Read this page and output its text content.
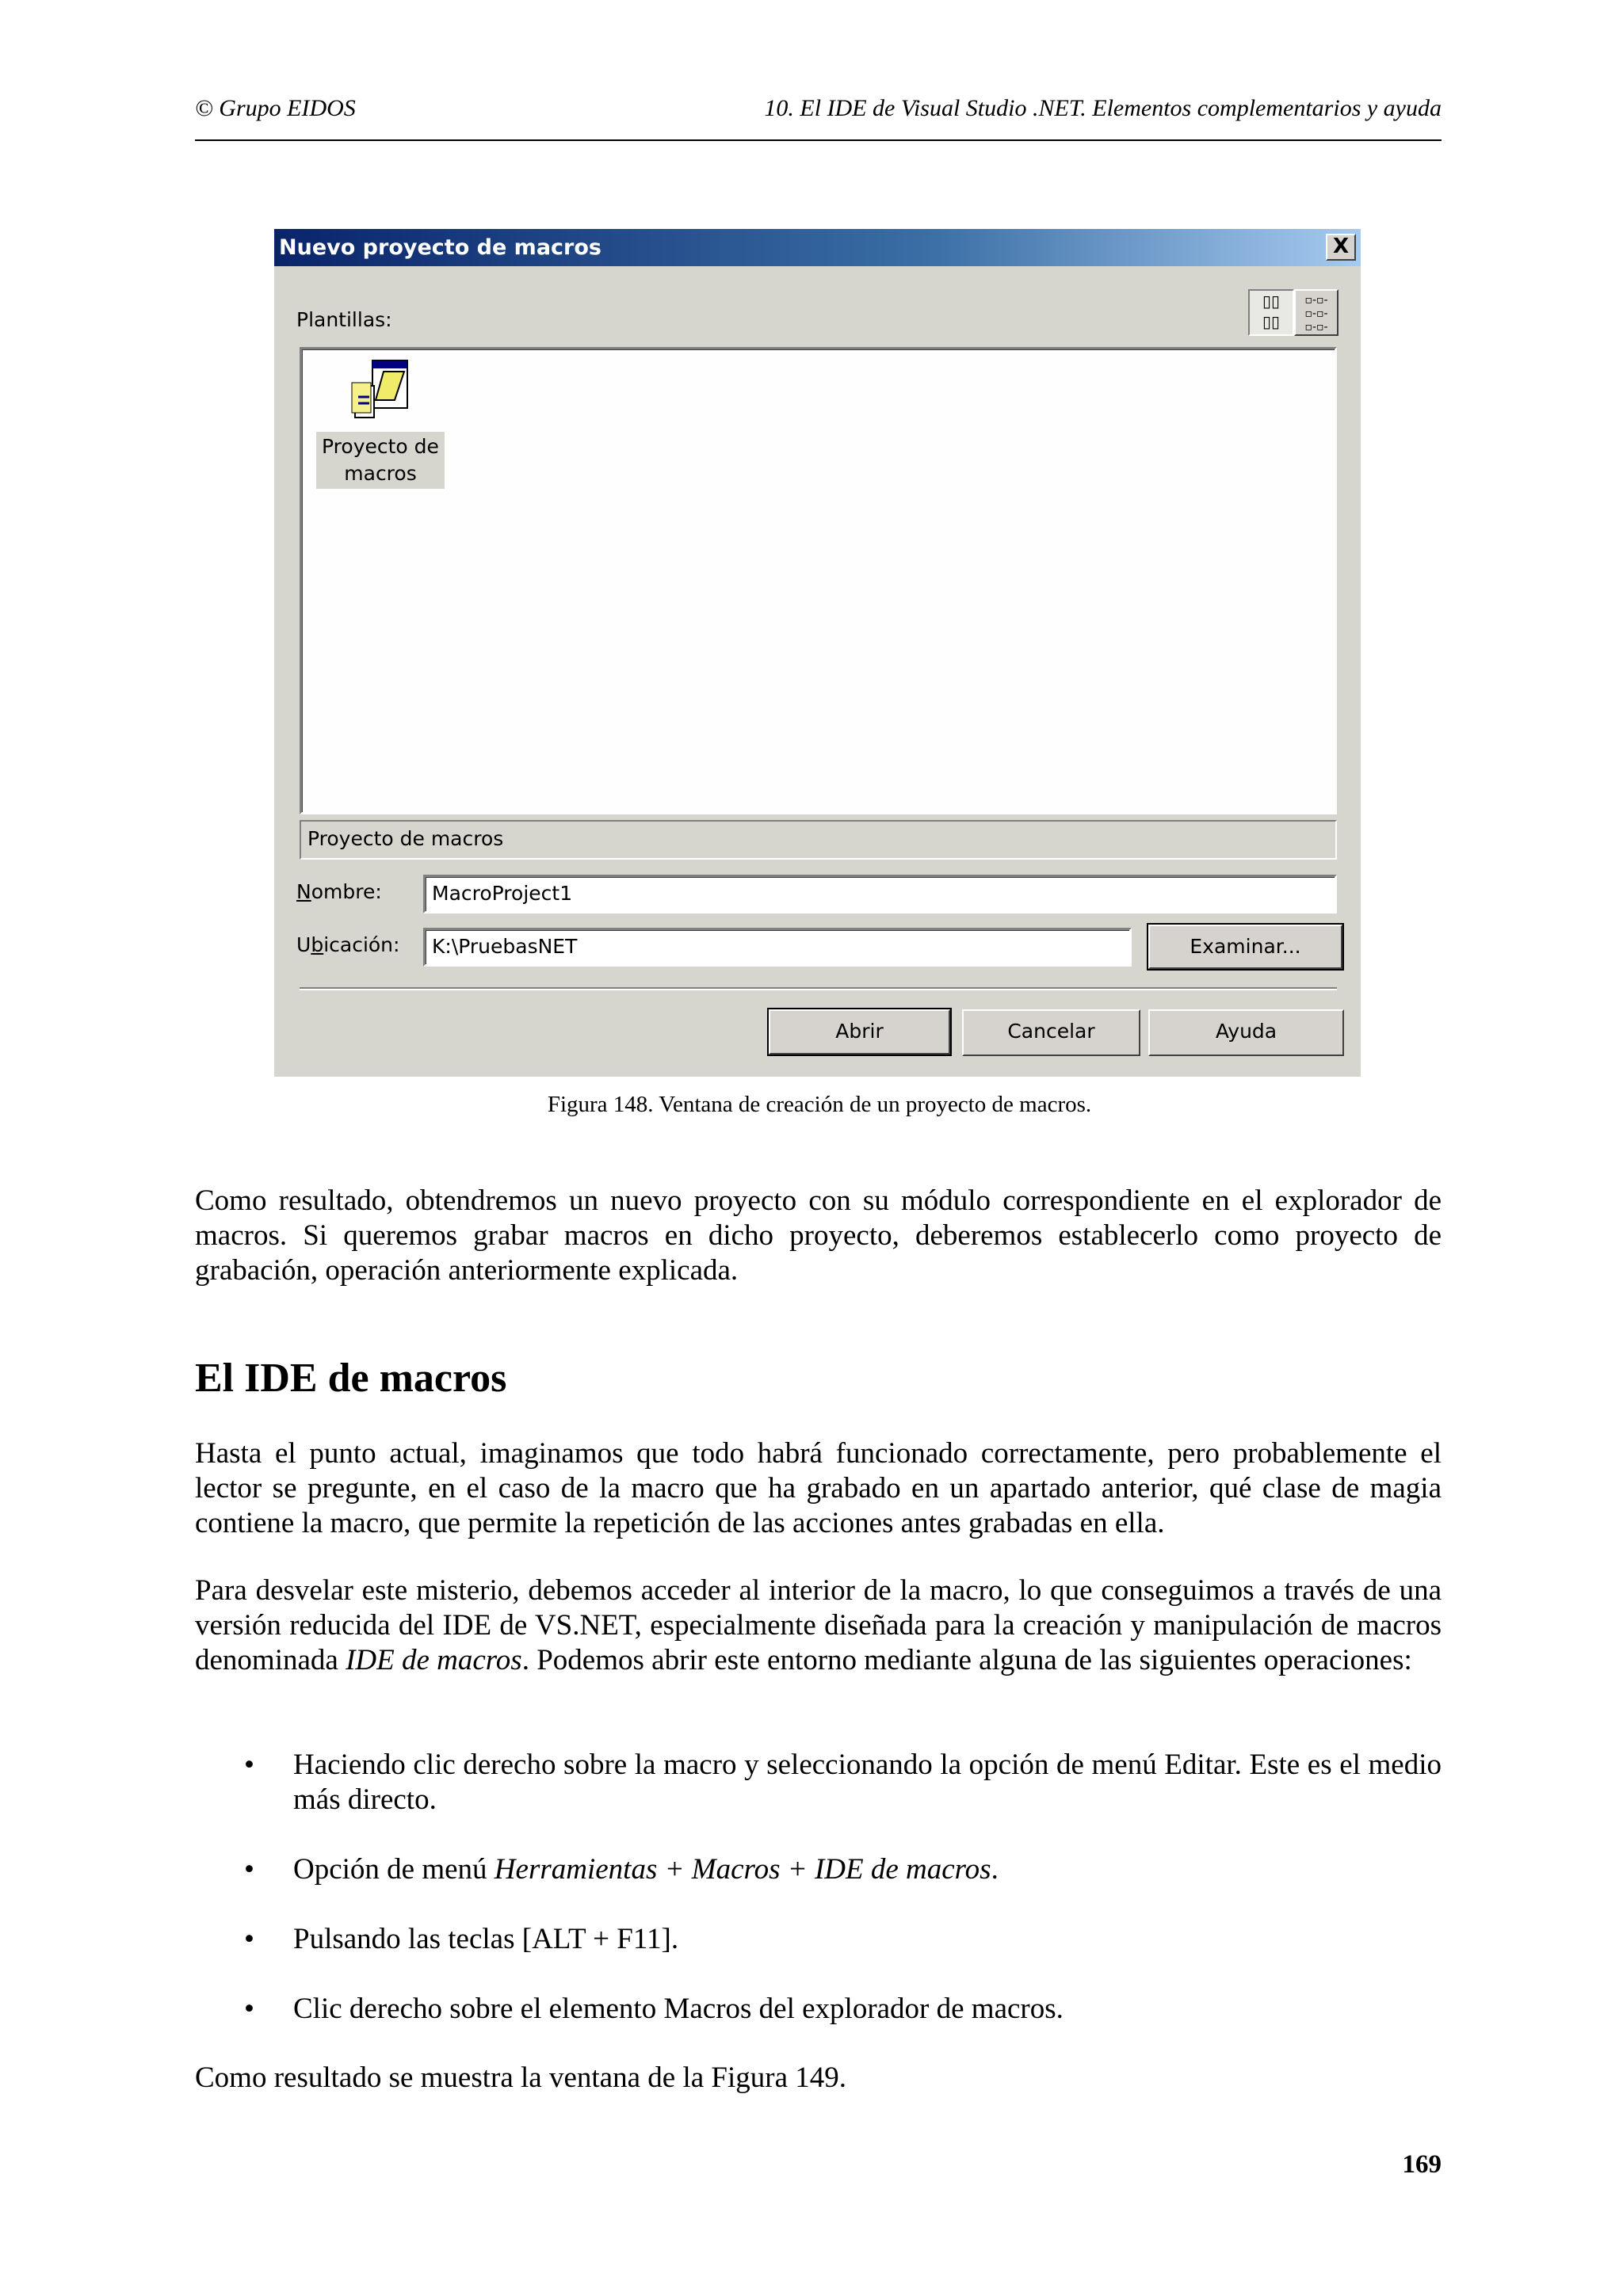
© Grupo EIDOS	10. El IDE de Visual Studio .NET. Elementos complementarios y ayuda
Nuevo proyecto de macros	X
Plantillas:
▯▯
▯▯
▫-▫-
▫-▫-
▫-▫-
Proyecto de macros
Proyecto de macros
Nombre:	MacroProject1
Ubicación:	K:\PruebasNET	Examinar...
Abrir	Cancelar	Ayuda
Figura 148. Ventana de creación de un proyecto de macros.
Como resultado, obtendremos un nuevo proyecto con su módulo correspondiente en el explorador de macros. Si queremos grabar macros en dicho proyecto, deberemos establecerlo como proyecto de grabación, operación anteriormente explicada.
El IDE de macros
Hasta el punto actual, imaginamos que todo habrá funcionado correctamente, pero probablemente el lector se pregunte, en el caso de la macro que ha grabado en un apartado anterior, qué clase de magia contiene la macro, que permite la repetición de las acciones antes grabadas en ella.
Para desvelar este misterio, debemos acceder al interior de la macro, lo que conseguimos a través de una versión reducida del IDE de VS.NET, especialmente diseñada para la creación y manipulación de macros denominada IDE de macros. Podemos abrir este entorno mediante alguna de las siguientes operaciones:
• Haciendo clic derecho sobre la macro y seleccionando la opción de menú Editar. Este es el medio más directo.
• Opción de menú Herramientas + Macros + IDE de macros.
• Pulsando las teclas [ALT + F11].
• Clic derecho sobre el elemento Macros del explorador de macros.
Como resultado se muestra la ventana de la Figura 149.
169
